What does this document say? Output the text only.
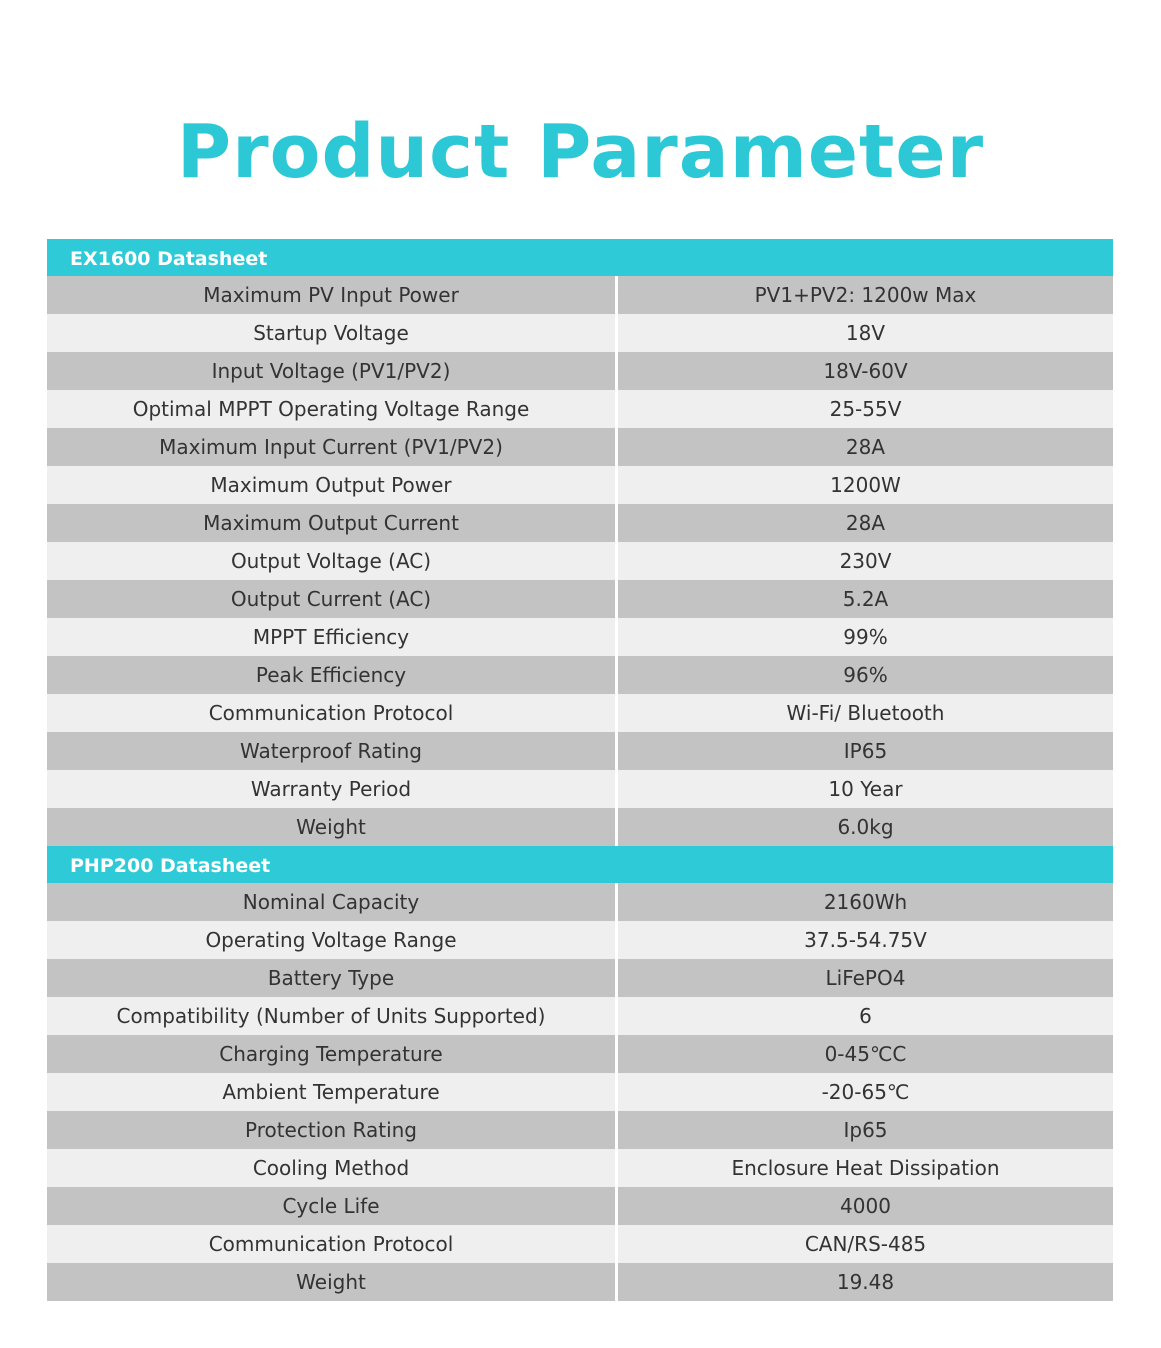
Product Parameter
EX1600 Datasheet
Maximum PV Input Power	PV1+PV2: 1200w Max
Startup Voltage	18V
Input Voltage (PV1/PV2)	18V-60V
Optimal MPPT Operating Voltage Range	25-55V
Maximum Input Current (PV1/PV2)	28A
Maximum Output Power	1200W
Maximum Output Current	28A
Output Voltage (AC)	230V
Output Current (AC)	5.2A
MPPT Efficiency	99%
Peak Efficiency	96%
Communication Protocol	Wi-Fi/ Bluetooth
Waterproof Rating	IP65
Warranty Period	10 Year
Weight	6.0kg
PHP200 Datasheet
Nominal Capacity	2160Wh
Operating Voltage Range	37.5-54.75V
Battery Type	LiFePO4
Compatibility (Number of Units Supported)	6
Charging Temperature	0-45℃C
Ambient Temperature	-20-65℃
Protection Rating	Ip65
Cooling Method	Enclosure Heat Dissipation
Cycle Life	4000
Communication Protocol	CAN/RS-485
Weight	19.48
